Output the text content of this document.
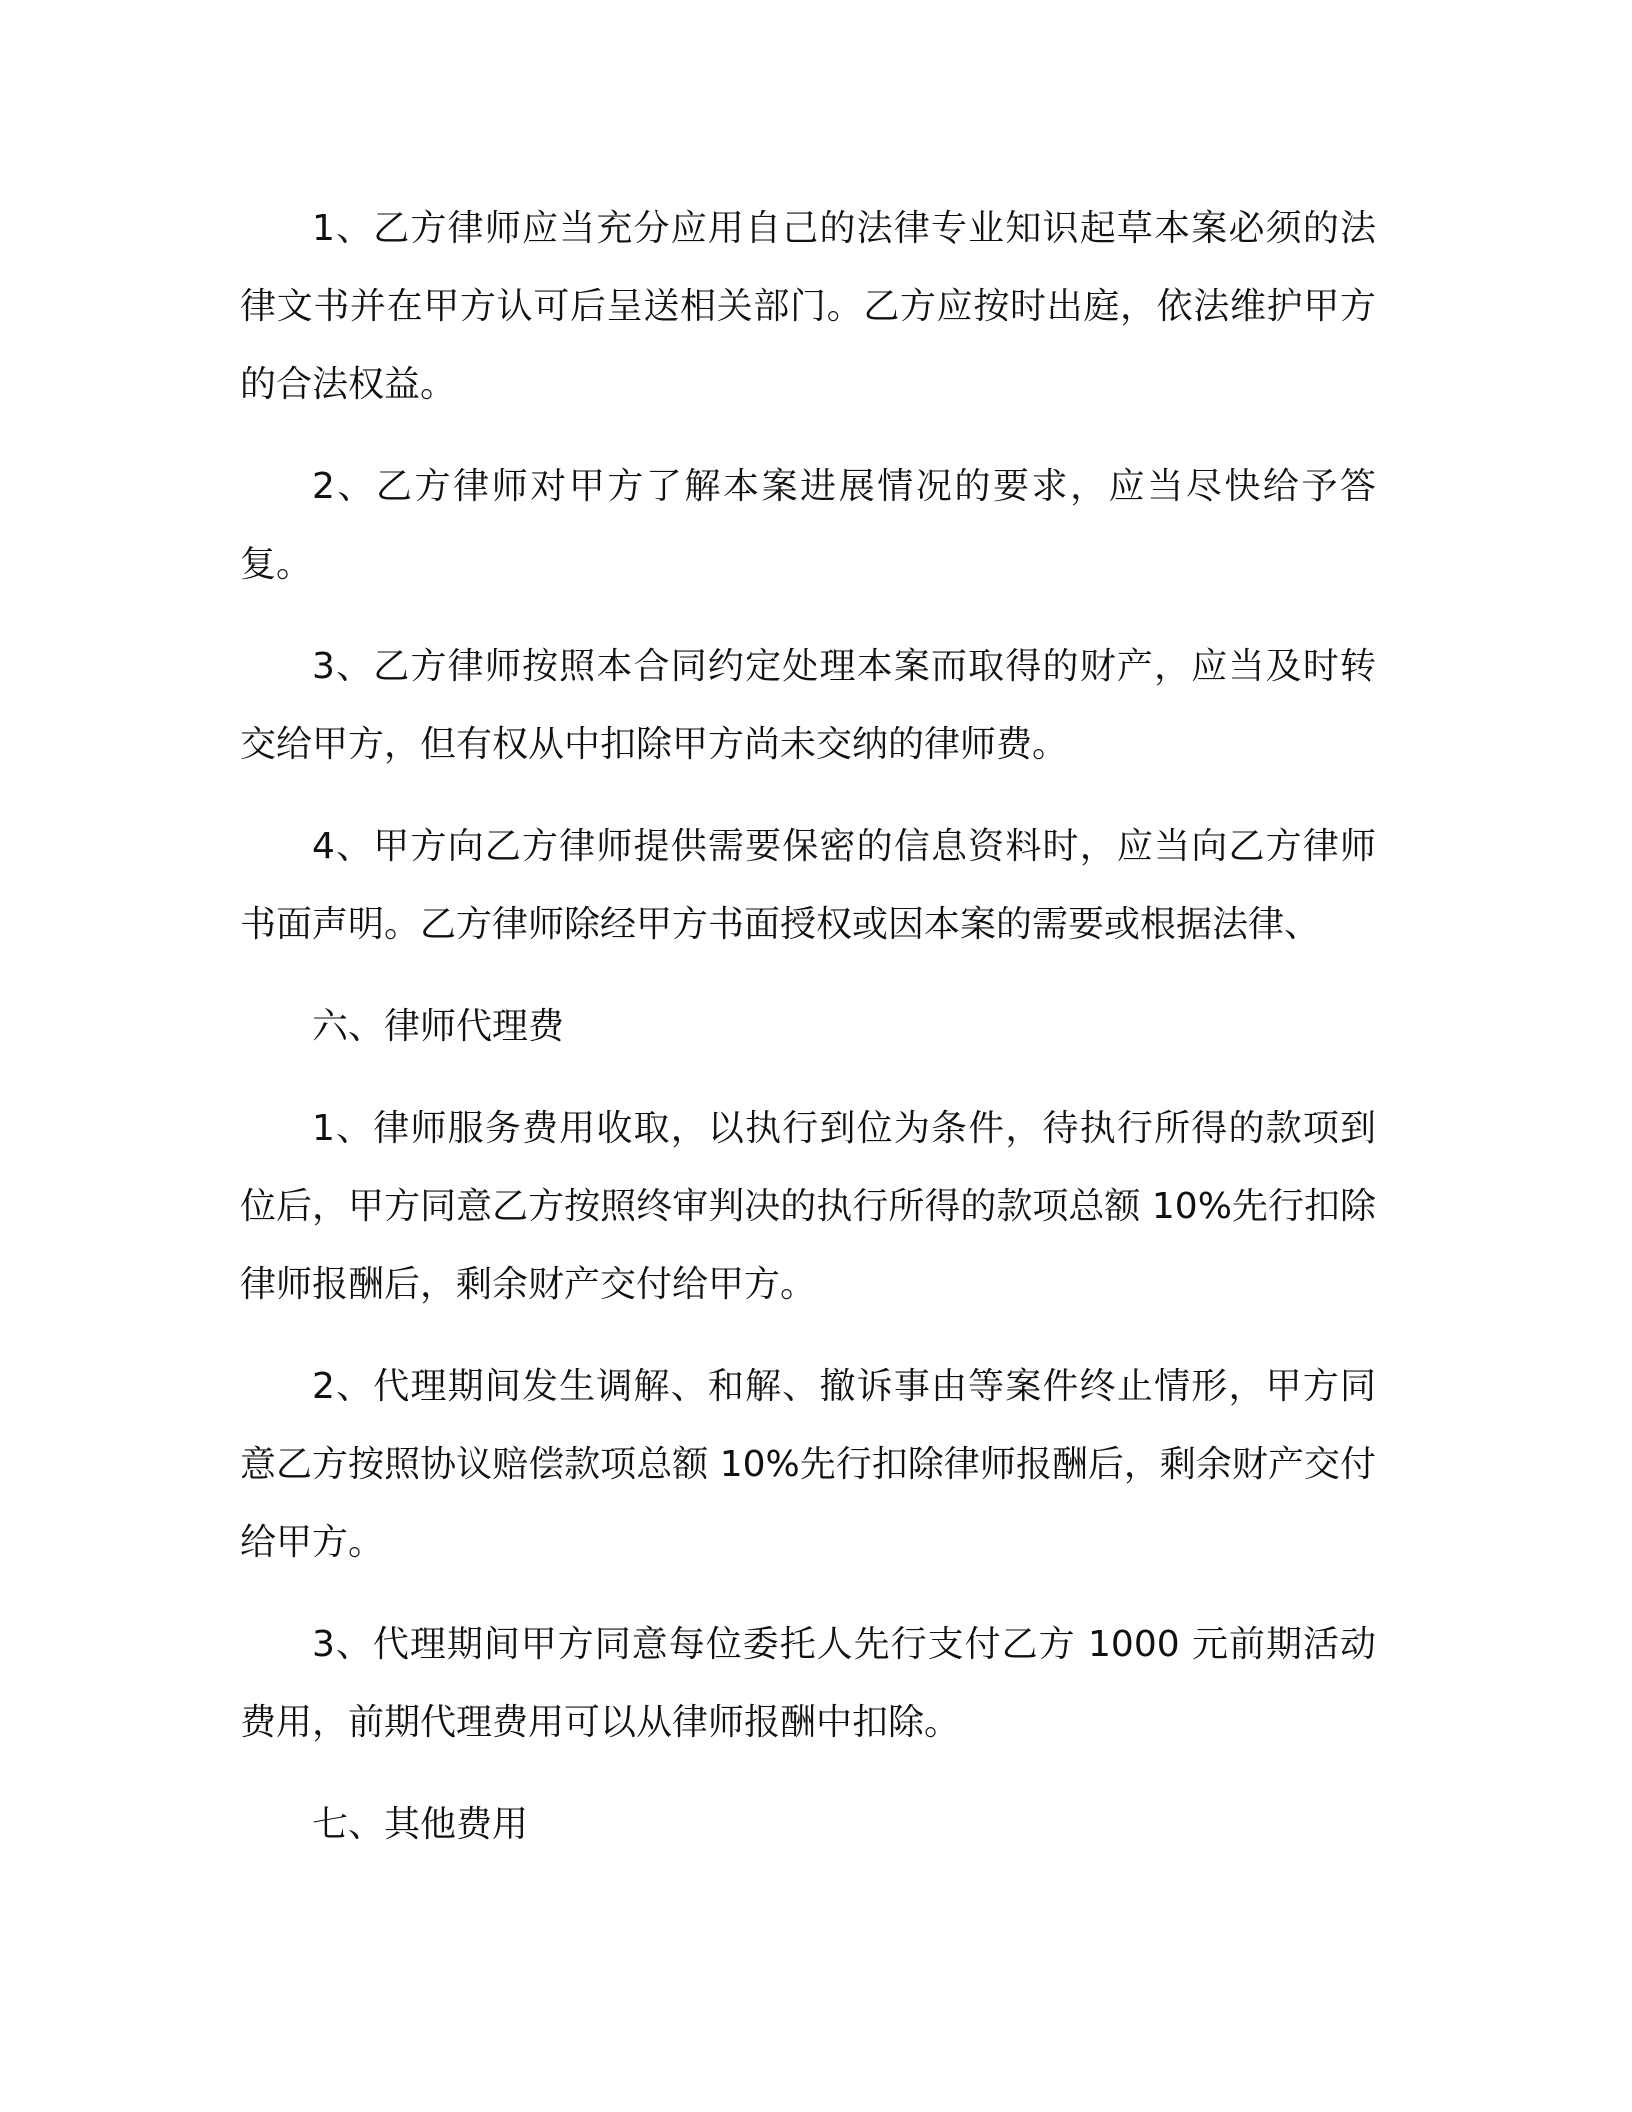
1、乙方律师应当充分应用自己的法律专业知识起草本案必须的法律文书并在甲方认可后呈送相关部门。乙方应按时出庭，依法维护甲方的合法权益。

2、乙方律师对甲方了解本案进展情况的要求，应当尽快给予答复。

3、乙方律师按照本合同约定处理本案而取得的财产，应当及时转交给甲方，但有权从中扣除甲方尚未交纳的律师费。

4、甲方向乙方律师提供需要保密的信息资料时，应当向乙方律师书面声明。乙方律师除经甲方书面授权或因本案的需要或根据法律、

六、律师代理费

1、律师服务费用收取，以执行到位为条件，待执行所得的款项到位后，甲方同意乙方按照终审判决的执行所得的款项总额 10%先行扣除律师报酬后，剩余财产交付给甲方。

2、代理期间发生调解、和解、撤诉事由等案件终止情形，甲方同意乙方按照协议赔偿款项总额 10%先行扣除律师报酬后，剩余财产交付给甲方。

3、代理期间甲方同意每位委托人先行支付乙方 1000 元前期活动费用，前期代理费用可以从律师报酬中扣除。

七、其他费用
